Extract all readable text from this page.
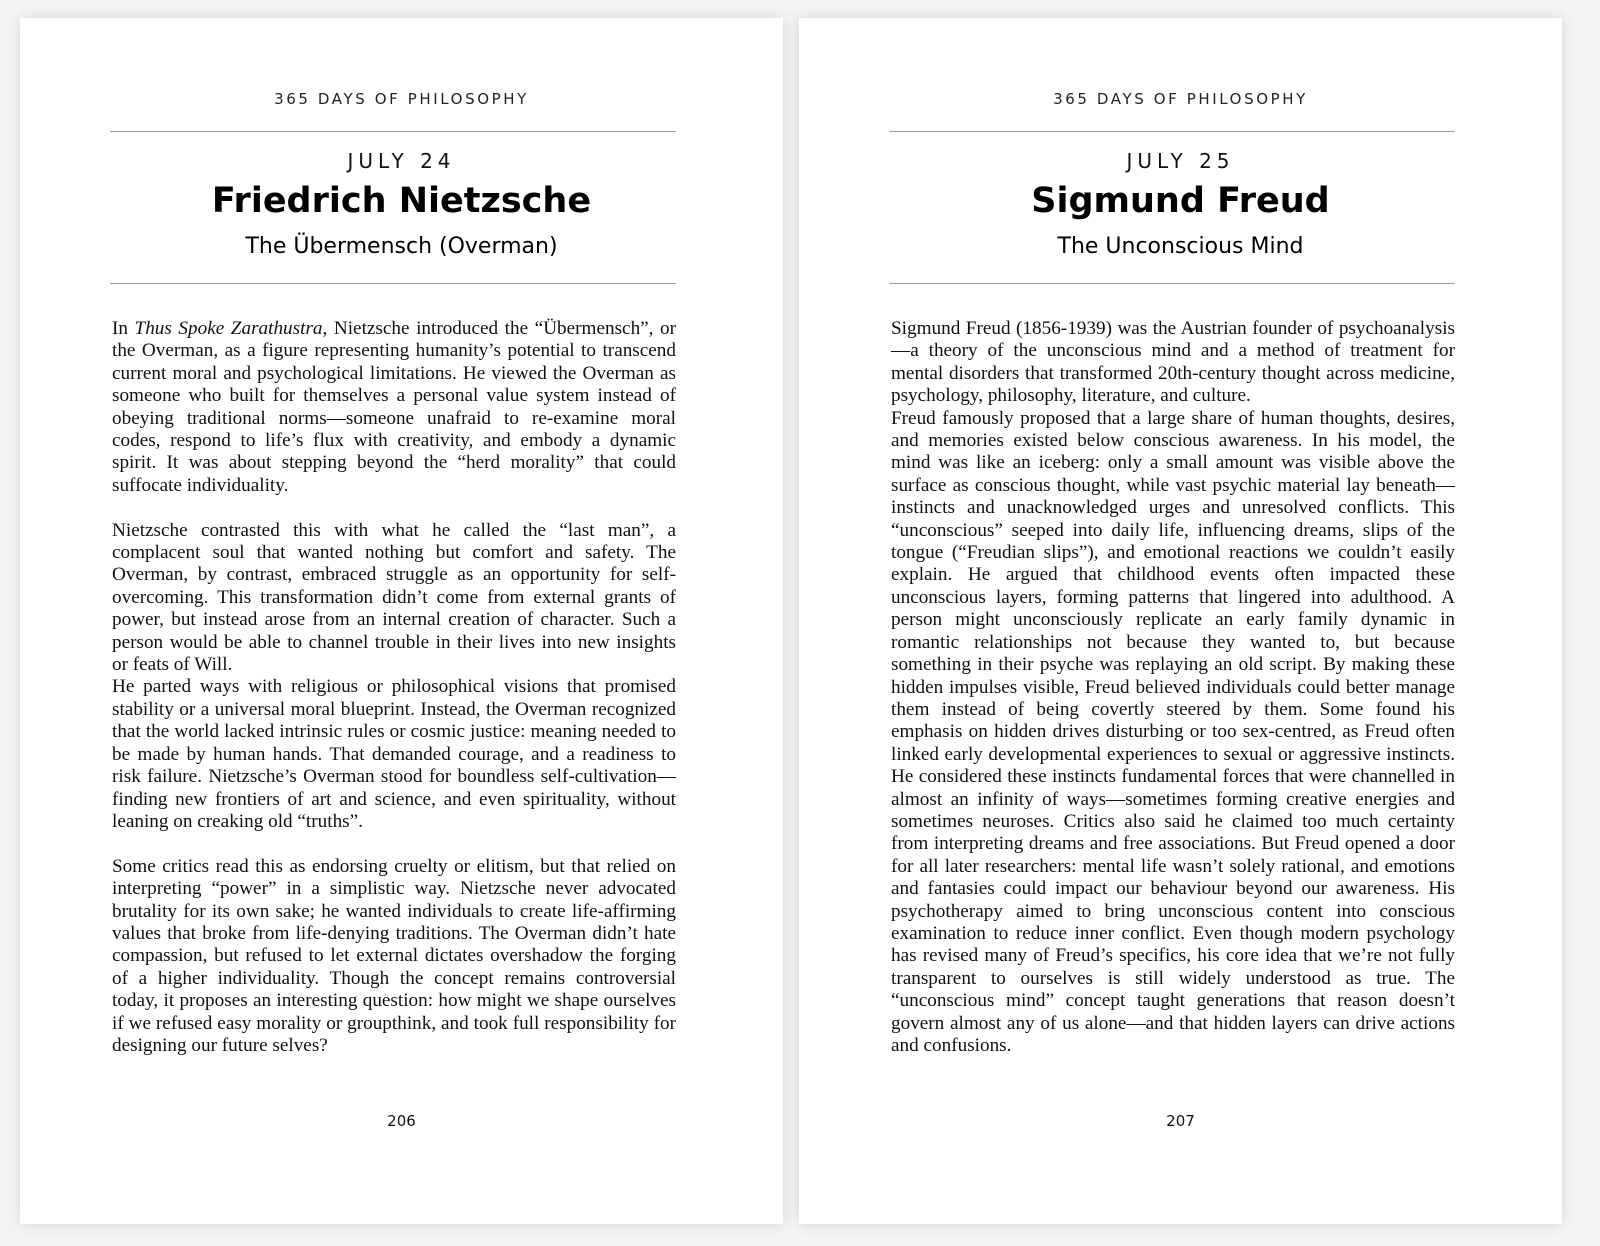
365 DAYS OF PHILOSOPHY
JULY 24
Friedrich Nietzsche
The Übermensch (Overman)

In Thus Spoke Zarathustra, Nietzsche introduced the “Übermensch”, or the Overman, as a figure representing humanity’s potential to transcend current moral and psychological limitations. He viewed the Overman as someone who built for themselves a personal value system instead of obeying traditional norms—someone unafraid to re-examine moral codes, respond to life’s flux with creativity, and embody a dynamic spirit. It was about stepping beyond the “herd morality” that could suffocate individuality.

Nietzsche contrasted this with what he called the “last man”, a complacent soul that wanted nothing but comfort and safety. The Overman, by contrast, embraced struggle as an opportunity for self-overcoming. This transformation didn’t come from external grants of power, but instead arose from an internal creation of character. Such a person would be able to channel trouble in their lives into new insights or feats of Will.

He parted ways with religious or philosophical visions that promised stability or a universal moral blueprint. Instead, the Overman recognized that the world lacked intrinsic rules or cosmic justice: meaning needed to be made by human hands. That demanded courage, and a readiness to risk failure. Nietzsche’s Overman stood for boundless self-cultivation—finding new frontiers of art and science, and even spirituality, without leaning on creaking old “truths”.

Some critics read this as endorsing cruelty or elitism, but that relied on interpreting “power” in a simplistic way. Nietzsche never advocated brutality for its own sake; he wanted individuals to create life-affirming values that broke from life-denying traditions. The Overman didn’t hate compassion, but refused to let external dictates overshadow the forging of a higher individuality. Though the concept remains controversial today, it proposes an interesting question: how might we shape ourselves if we refused easy morality or groupthink, and took full responsibility for designing our future selves?

206
365 DAYS OF PHILOSOPHY
JULY 25
Sigmund Freud
The Unconscious Mind

Sigmund Freud (1856-1939) was the Austrian founder of psychoanalysis—a theory of the unconscious mind and a method of treatment for mental disorders that transformed 20th-century thought across medicine, psychology, philosophy, literature, and culture.

Freud famously proposed that a large share of human thoughts, desires, and memories existed below conscious awareness. In his model, the mind was like an iceberg: only a small amount was visible above the surface as conscious thought, while vast psychic material lay beneath—instincts and unacknowledged urges and unresolved conflicts. This “unconscious” seeped into daily life, influencing dreams, slips of the tongue (“Freudian slips”), and emotional reactions we couldn’t easily explain. He argued that childhood events often impacted these unconscious layers, forming patterns that lingered into adulthood. A person might unconsciously replicate an early family dynamic in romantic relationships not because they wanted to, but because something in their psyche was replaying an old script. By making these hidden impulses visible, Freud believed individuals could better manage them instead of being covertly steered by them. Some found his emphasis on hidden drives disturbing or too sex-centred, as Freud often linked early developmental experiences to sexual or aggressive instincts. He considered these instincts fundamental forces that were channelled in almost an infinity of ways—sometimes forming creative energies and sometimes neuroses. Critics also said he claimed too much certainty from interpreting dreams and free associations. But Freud opened a door for all later researchers: mental life wasn’t solely rational, and emotions and fantasies could impact our behaviour beyond our awareness. His psychotherapy aimed to bring unconscious content into conscious examination to reduce inner conflict. Even though modern psychology has revised many of Freud’s specifics, his core idea that we’re not fully transparent to ourselves is still widely understood as true. The “unconscious mind” concept taught generations that reason doesn’t govern almost any of us alone—and that hidden layers can drive actions and confusions.

207
